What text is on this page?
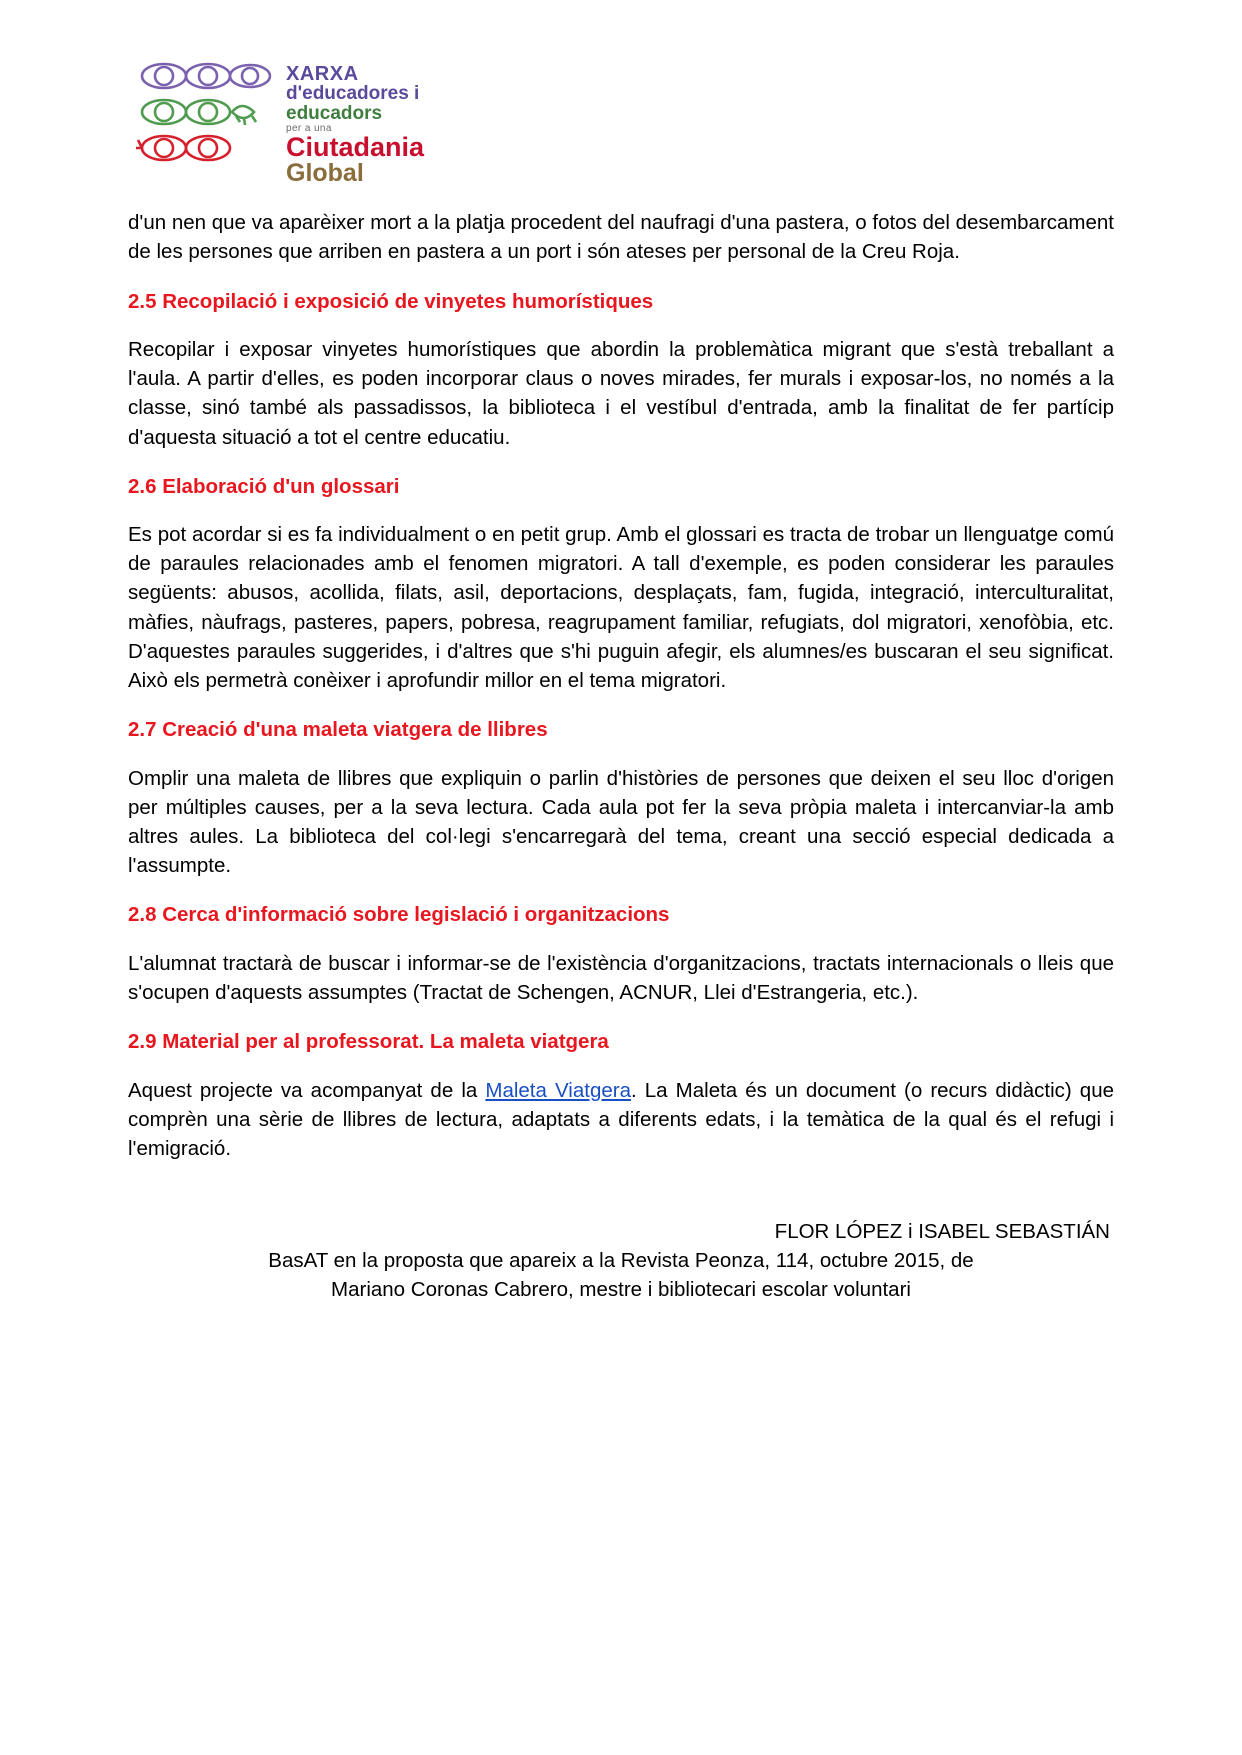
XARXA
d'educadores i
educadors
per a una
Ciutadania
Global

d'un nen que va aparèixer mort a la platja procedent del naufragi d'una pastera, o fotos del desembarcament de les persones que arriben en pastera a un port i són ateses per personal de la Creu Roja.

2.5 Recopilació i exposició de vinyetes humorístiques

Recopilar i exposar vinyetes humorístiques que abordin la problemàtica migrant que s'està treballant a l'aula. A partir d'elles, es poden incorporar claus o noves mirades, fer murals i exposar-los, no només a la classe, sinó també als passadissos, la biblioteca i el vestíbul d'entrada, amb la finalitat de fer partícip d'aquesta situació a tot el centre educatiu.

2.6 Elaboració d'un glossari

Es pot acordar si es fa individualment o en petit grup. Amb el glossari es tracta de trobar un llenguatge comú de paraules relacionades amb el fenomen migratori. A tall d'exemple, es poden considerar les paraules següents: abusos, acollida, filats, asil, deportacions, desplaçats, fam, fugida, integració, interculturalitat, màfies, nàufrags, pasteres, papers, pobresa, reagrupament familiar, refugiats, dol migratori, xenofòbia, etc. D'aquestes paraules suggerides, i d'altres que s'hi puguin afegir, els alumnes/es buscaran el seu significat. Això els permetrà conèixer i aprofundir millor en el tema migratori.

2.7 Creació d'una maleta viatgera de llibres

Omplir una maleta de llibres que expliquin o parlin d'històries de persones que deixen el seu lloc d'origen per múltiples causes, per a la seva lectura. Cada aula pot fer la seva pròpia maleta i intercanviar-la amb altres aules. La biblioteca del col·legi s'encarregarà del tema, creant una secció especial dedicada a l'assumpte.

2.8 Cerca d'informació sobre legislació i organitzacions

L'alumnat tractarà de buscar i informar-se de l'existència d'organitzacions, tractats internacionals o lleis que s'ocupen d'aquests assumptes (Tractat de Schengen, ACNUR, Llei d'Estrangeria, etc.).

2.9 Material per al professorat. La maleta viatgera

Aquest projecte va acompanyat de la Maleta Viatgera. La Maleta és un document (o recurs didàctic) que comprèn una sèrie de llibres de lectura, adaptats a diferents edats, i la temàtica de la qual és el refugi i l'emigració.

FLOR LÓPEZ i ISABEL SEBASTIÁN
BasAT en la proposta que apareix a la Revista Peonza, 114, octubre 2015, de
Mariano Coronas Cabrero, mestre i bibliotecari escolar voluntari
